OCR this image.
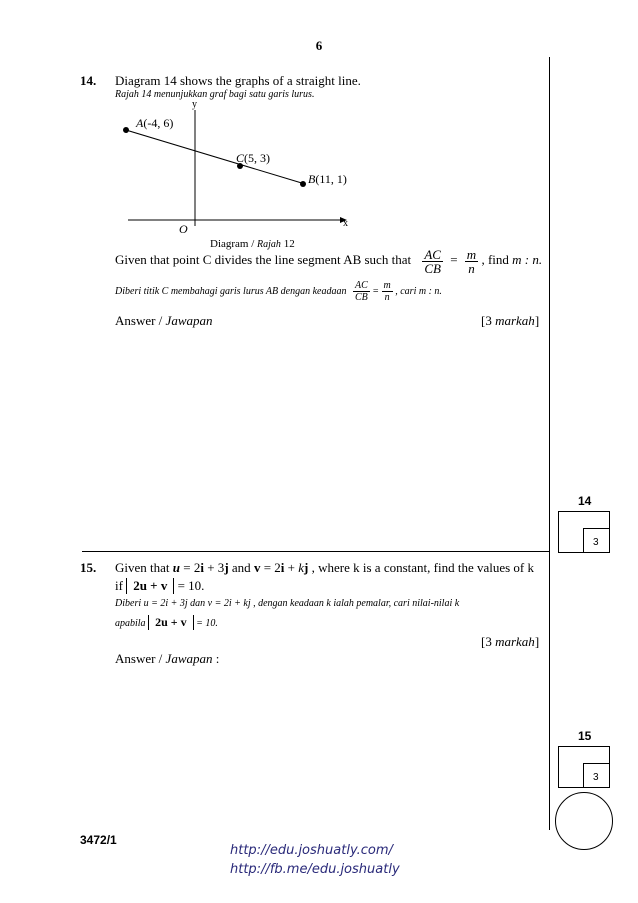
6
14. Diagram 14 shows the graphs of a straight line.
Rajah 14 menunjukkan graf bagi satu garis lurus.
y
x
O
A(-4, 6)
C(5, 3)
B(11, 1)
Diagram / Rajah 12
Given that point C divides the line segment AB such that $\frac{AC}{CB} = \frac{m}{n}$ , find m : n.
Diberi titik C membahagi garis lurus AB dengan keadaan $\frac{AC}{CB} = \frac{m}{n}$ , cari m : n.
Answer / Jawapan	[3 markah]
14
3
15. Given that u = 2i + 3j and v = 2i + kj , where k is a constant, find the values of k
if 2u + v = 10.
Diberi u = 2i + 3j dan v = 2i + kj , dengan keadaan k ialah pemalar, cari nilai-nilai k
apabila 2u + v = 10.
[3 markah]
Answer / Jawapan :
15
3
3472/1
http://edu.joshuatly.com/
http://fb.me/edu.joshuatly
